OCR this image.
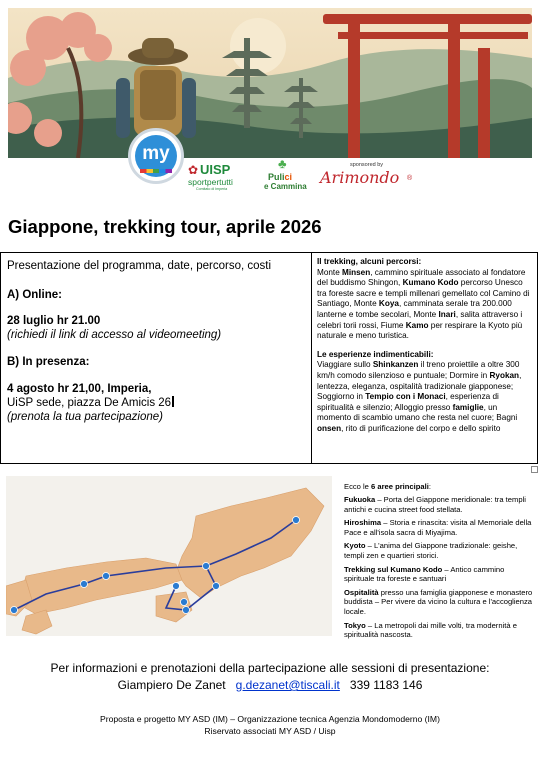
my
✿ UISP
sportpertutti
Comitato di Imperia
♣
Pulici
e Cammina
sponsored by
Arimondo ®
Giappone, trekking tour, aprile 2026

Presentazione del programma, date, percorso, costi

A) Online:

28 luglio hr 21.00

(richiedi il link di accesso al videomeeting)

B) In presenza:

4 agosto hr 21,00, Imperia,

UiSP sede, piazza De Amicis 26

(prenota la tua partecipazione)

Il trekking, alcuni percorsi:

Monte Minsen, cammino spirituale associato al fondatore del buddismo Shingon, Kumano Kodo percorso Unesco tra foreste sacre e templi millenari gemellato col Camino di Santiago, Monte Koya, camminata serale tra 200.000 lanterne e tombe secolari, Monte Inari, salita attraverso i celebri torii rossi, Fiume Kamo per respirare la Kyoto più naturale e meno turistica.

Le esperienze indimenticabili:

Viaggiare sullo Shinkanzen il treno proiettile a oltre 300 km/h comodo silenzioso e puntuale; Dormire in Ryokan, lentezza, eleganza, ospitalità tradizionale giapponese; Soggiorno in Tempio con i Monaci, esperienza di spiritualità e silenzio; Alloggio presso famiglie, un momento di scambio umano che resta nel cuore; Bagni onsen, rito di purificazione del corpo e dello spirito

Ecco le 6 aree principali:

Fukuoka – Porta del Giappone meridionale: tra templi antichi e cucina street food stellata.

Hiroshima – Storia e rinascita: visita al Memoriale della Pace e all'isola sacra di Miyajima.

Kyoto – L'anima del Giappone tradizionale: geishe, templi zen e quartieri storici.

Trekking sul Kumano Kodo – Antico cammino spirituale tra foreste e santuari

Ospitalità presso una famiglia giapponese e monastero buddista – Per vivere da vicino la cultura e l'accoglienza locale.

Tokyo – La metropoli dai mille volti, tra modernità e spiritualità nascosta.

Per informazioni e prenotazioni della partecipazione alle sessioni di presentazione:
Giampiero De Zanet g.dezanet@tiscali.it 339 1183 146
Proposta e progetto MY ASD (IM) – Organizzazione tecnica Agenzia Mondomoderno (IM)
Riservato associati MY ASD / Uisp
